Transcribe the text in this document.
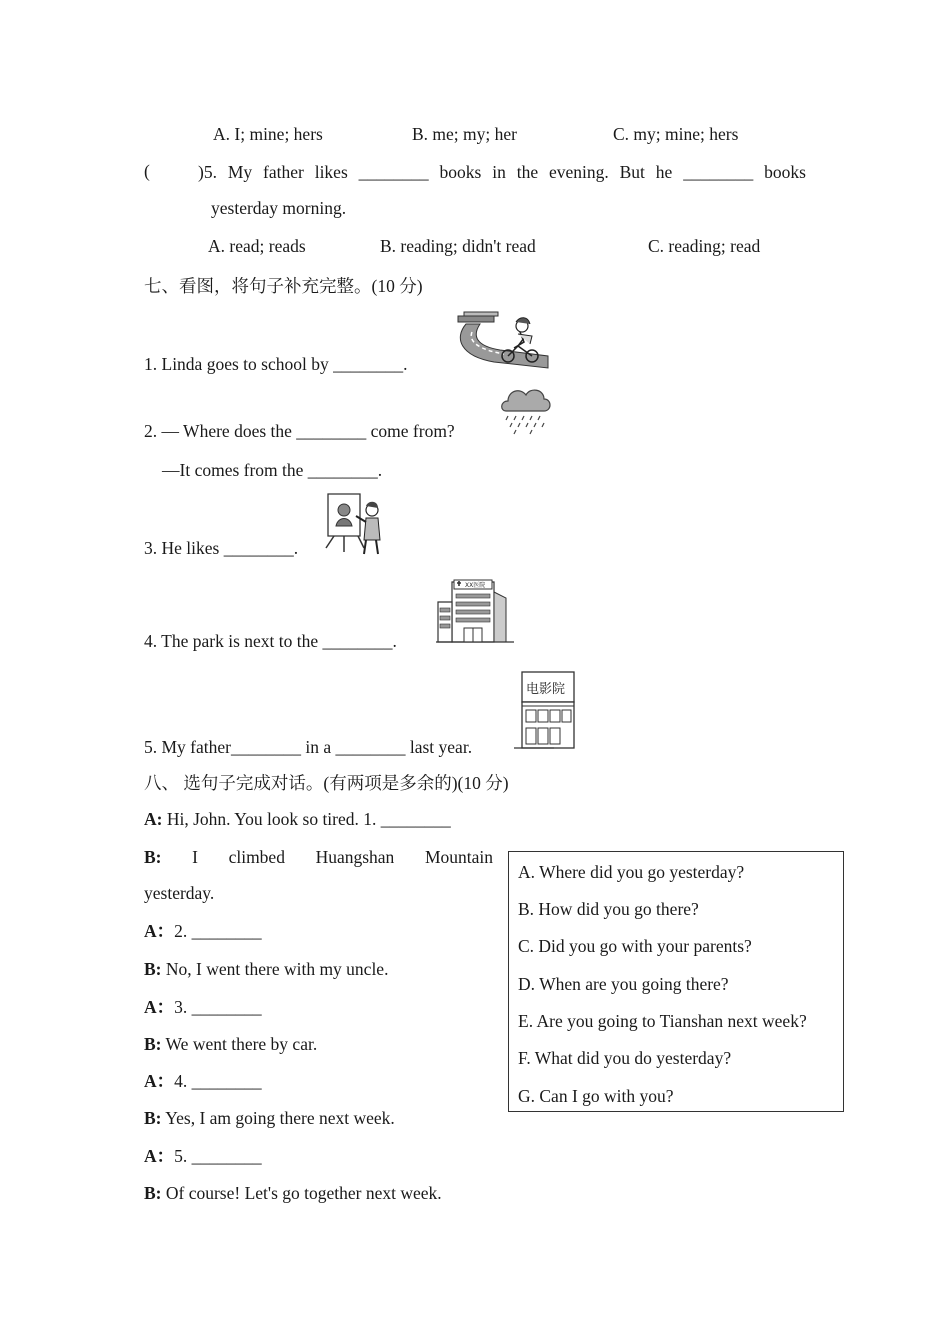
A. I; mine; hers	B. me; my; her	C. my; mine; hers
(	)5. My father likes ________ books in the evening. But he ________ books
yesterday morning.
A. read; reads	B. reading; didn't read	C. reading; read
七、看图，将句子补充完整。(10 分)
1. Linda goes to school by ________.
2. — Where does the ________ come from?
—It comes from the ________.
3. He likes ________.
4. The park is next to the ________.
XX医院
5. My father________ in a ________ last year.
电影院
八、 选句子完成对话。(有两项是多余的)(10 分)
A: Hi, John. You look so tired. 1. ________
B: I climbed Huangshan Mountain
yesterday.
A：2. ________
B: No, I went there with my uncle.
A：3. ________
B: We went there by car.
A：4. ________
B: Yes, I am going there next week.
A：5. ________
B: Of course! Let's go together next week.
A. Where did you go yesterday?
B. How did you go there?
C. Did you go with your parents?
D. When are you going there?
E. Are you going to Tianshan next week?
F. What did you do yesterday?
G. Can I go with you?
